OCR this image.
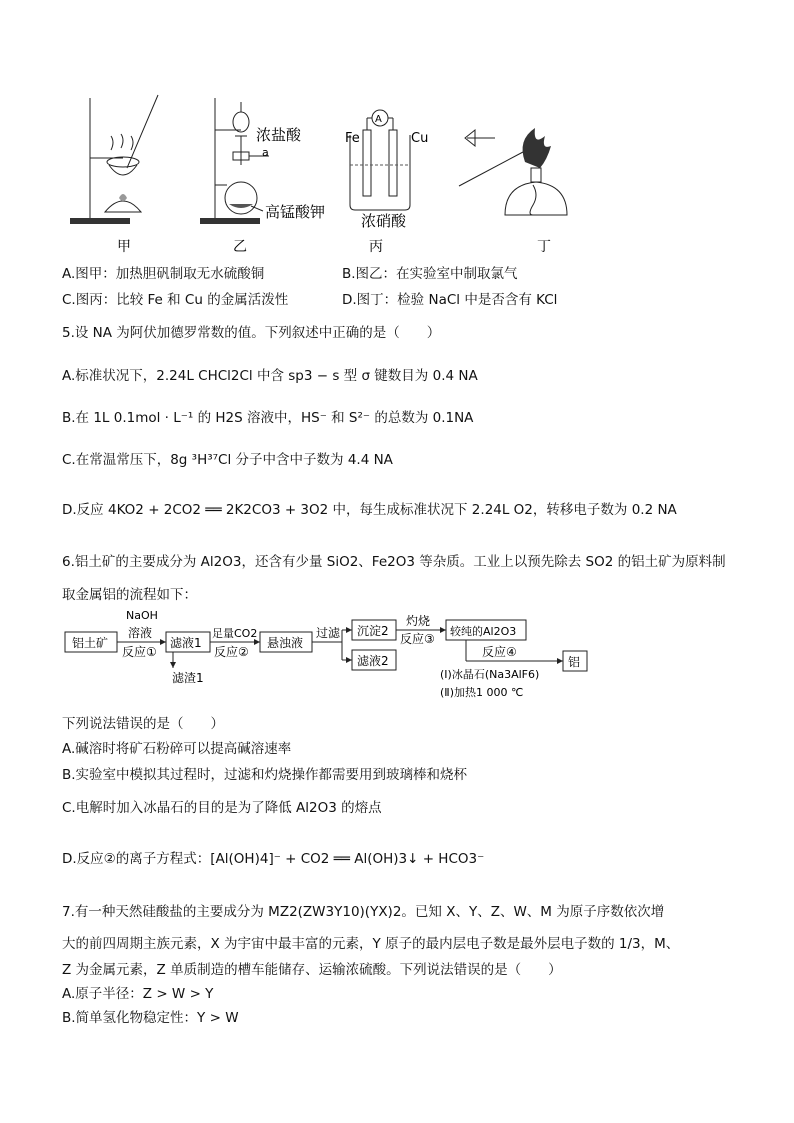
浓盐酸
a
高锰酸钾
A
Fe	Cu
浓硝酸
甲	乙	丙	丁
A.图甲：加热胆矾制取无水硫酸铜	B.图乙：在实验室中制取氯气
C.图丙：比较 Fe 和 Cu 的金属活泼性	D.图丁：检验 NaCl 中是否含有 KCl
5.设 NA 为阿伏加德罗常数的值。下列叙述中正确的是（　　）
A.标准状况下，2.24L CHCl2Cl 中含 sp3 − s 型 σ 键数目为 0.4 NA
B.在 1L 0.1mol · L⁻¹ 的 H2S 溶液中，HS⁻ 和 S²⁻ 的总数为 0.1NA
C.在常温常压下，8g ³H³⁷Cl 分子中含中子数为 4.4 NA
D.反应 4KO2 + 2CO2 ══ 2K2CO3 + 3O2 中，每生成标准状况下 2.24L O2，转移电子数为 0.2 NA
6.铝土矿的主要成分为 Al2O3，还含有少量 SiO2、Fe2O3 等杂质。工业上以预先除去 SO2 的铝土矿为原料制
取金属铝的流程如下：
铝土矿
NaOH
溶液
反应①
滤液1
滤渣1
足量CO2
反应②
悬浊液
过滤 沉淀2
滤液2
灼烧
反应③
较纯的Al2O3
反应④
(Ⅰ)冰晶石(Na3AlF6)
(Ⅱ)加热1 000 ℃
铝
下列说法错误的是（　　）
A.碱溶时将矿石粉碎可以提高碱溶速率
B.实验室中模拟其过程时，过滤和灼烧操作都需要用到玻璃棒和烧杯
C.电解时加入冰晶石的目的是为了降低 Al2O3 的熔点
D.反应②的离子方程式：[Al(OH)4]⁻ + CO2 ══ Al(OH)3↓ + HCO3⁻
7.有一种天然硅酸盐的主要成分为 MZ2(ZW3Y10)(YX)2。已知 X、Y、Z、W、M 为原子序数依次增
大的前四周期主族元素，X 为宇宙中最丰富的元素，Y 原子的最内层电子数是最外层电子数的 1/3，M、
Z 为金属元素，Z 单质制造的槽车能储存、运输浓硫酸。下列说法错误的是（　　）
A.原子半径：Z > W > Y
B.简单氢化物稳定性：Y > W
